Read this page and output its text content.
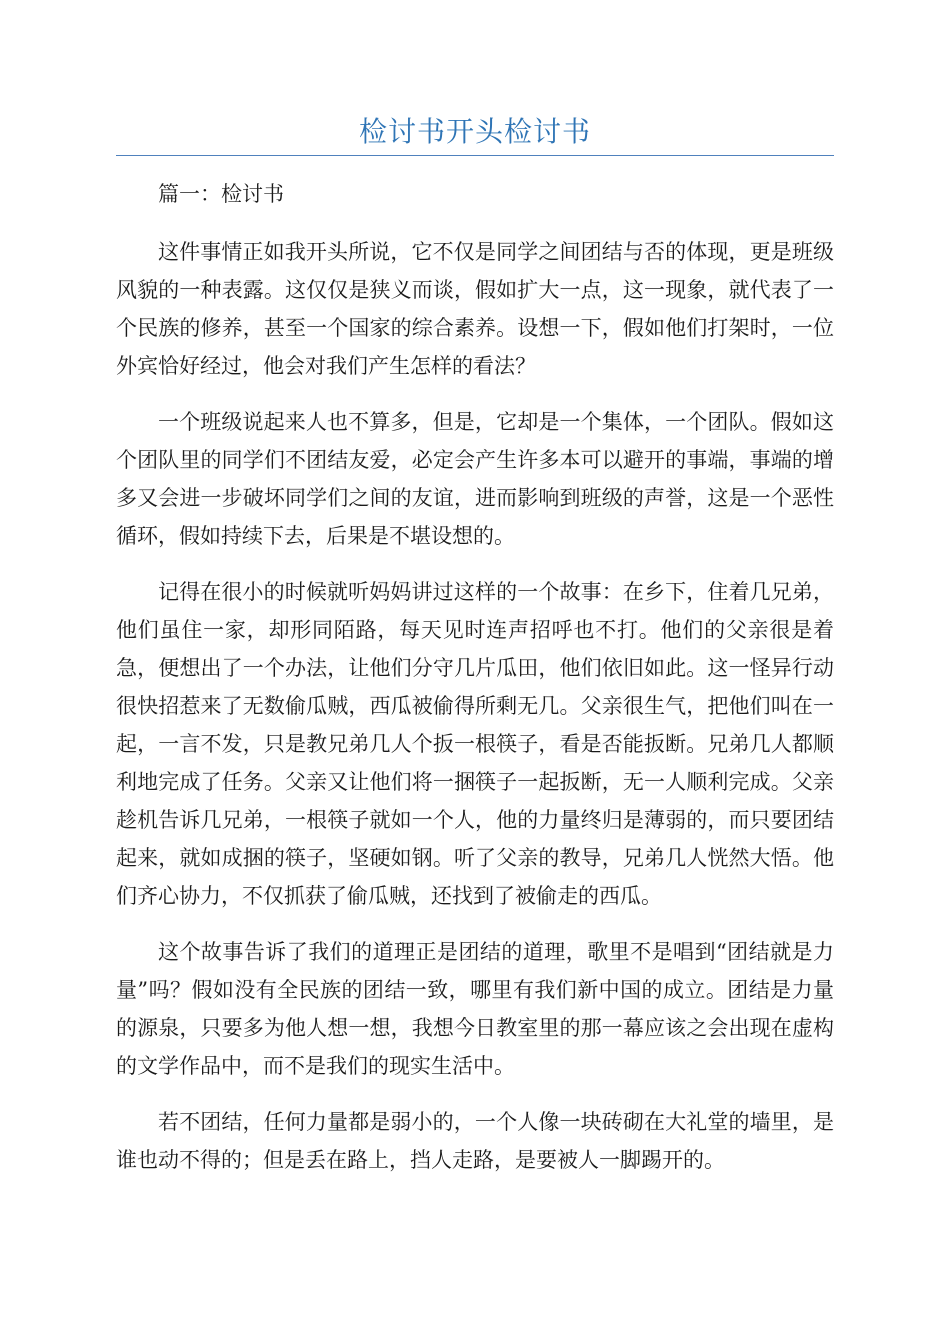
检讨书开头检讨书

篇一：检讨书

这件事情正如我开头所说，它不仅是同学之间团结与否的体现，更是班级风貌的一种表露。这仅仅是狭义而谈，假如扩大一点，这一现象，就代表了一个民族的修养，甚至一个国家的综合素养。设想一下，假如他们打架时，一位外宾恰好经过，他会对我们产生怎样的看法？

一个班级说起来人也不算多，但是，它却是一个集体，一个团队。假如这个团队里的同学们不团结友爱，必定会产生许多本可以避开的事端，事端的增多又会进一步破坏同学们之间的友谊，进而影响到班级的声誉，这是一个恶性循环，假如持续下去，后果是不堪设想的。

记得在很小的时候就听妈妈讲过这样的一个故事：在乡下，住着几兄弟，他们虽住一家，却形同陌路，每天见时连声招呼也不打。他们的父亲很是着急，便想出了一个办法，让他们分守几片瓜田，他们依旧如此。这一怪异行动很快招惹来了无数偷瓜贼，西瓜被偷得所剩无几。父亲很生气，把他们叫在一起，一言不发，只是教兄弟几人个扳一根筷子，看是否能扳断。兄弟几人都顺利地完成了任务。父亲又让他们将一捆筷子一起扳断，无一人顺利完成。父亲趁机告诉几兄弟，一根筷子就如一个人，他的力量终归是薄弱的，而只要团结起来，就如成捆的筷子，坚硬如钢。听了父亲的教导，兄弟几人恍然大悟。他们齐心协力，不仅抓获了偷瓜贼，还找到了被偷走的西瓜。

这个故事告诉了我们的道理正是团结的道理，歌里不是唱到“团结就是力量”吗？假如没有全民族的团结一致，哪里有我们新中国的成立。团结是力量的源泉，只要多为他人想一想，我想今日教室里的那一幕应该之会出现在虚构的文学作品中，而不是我们的现实生活中。

若不团结，任何力量都是弱小的，一个人像一块砖砌在大礼堂的墙里，是谁也动不得的；但是丢在路上，挡人走路，是要被人一脚踢开的。
